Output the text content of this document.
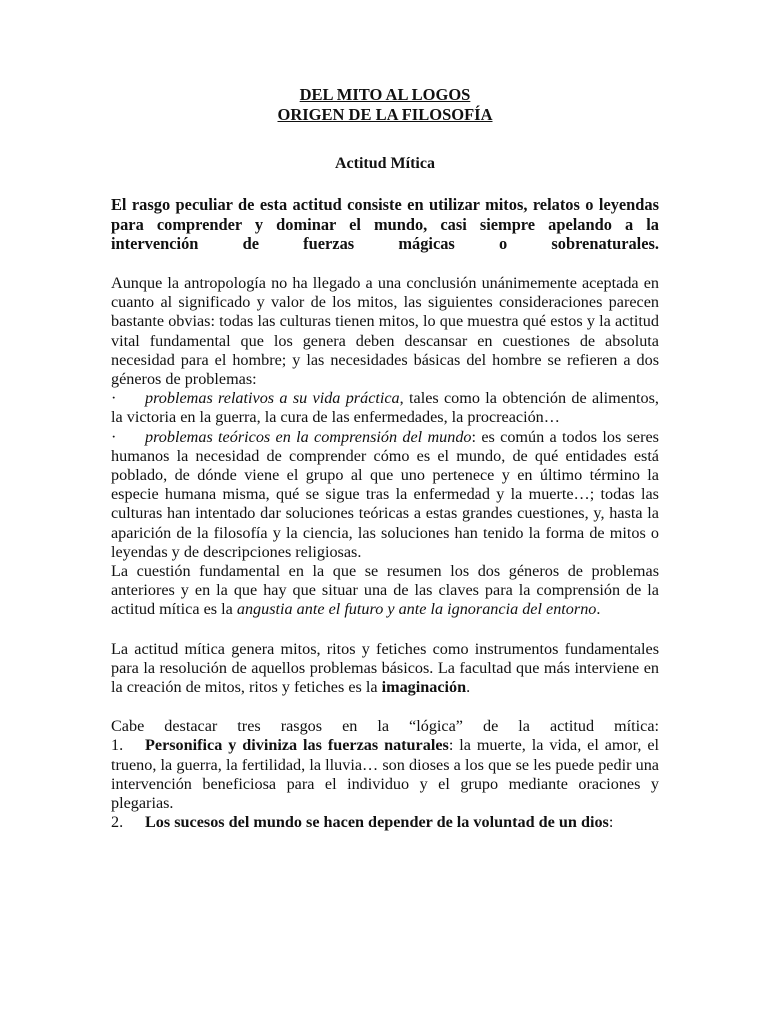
DEL MITO AL LOGOS
ORIGEN DE LA FILOSOFÍA
Actitud Mítica

El rasgo peculiar de esta actitud consiste en utilizar mitos, relatos o leyendas para comprender y dominar el mundo, casi siempre apelando a la intervención de fuerzas mágicas o sobrenaturales.

Aunque la antropología no ha llegado a una conclusión unánimemente aceptada en cuanto al significado y valor de los mitos, las siguientes consideraciones parecen bastante obvias: todas las culturas tienen mitos, lo que muestra qué estos y la actitud vital fundamental que los genera deben descansar en cuestiones de absoluta necesidad para el hombre; y las necesidades básicas del hombre se refieren a dos géneros de problemas:

· problemas relativos a su vida práctica, tales como la obtención de alimentos, la victoria en la guerra, la cura de las enfermedades, la procreación…

· problemas teóricos en la comprensión del mundo: es común a todos los seres humanos la necesidad de comprender cómo es el mundo, de qué entidades está poblado, de dónde viene el grupo al que uno pertenece y en último término la especie humana misma, qué se sigue tras la enfermedad y la muerte…; todas las culturas han intentado dar soluciones teóricas a estas grandes cuestiones, y, hasta la aparición de la filosofía y la ciencia, las soluciones han tenido la forma de mitos o leyendas y de descripciones religiosas.

La cuestión fundamental en la que se resumen los dos géneros de problemas anteriores y en la que hay que situar una de las claves para la comprensión de la actitud mítica es la angustia ante el futuro y ante la ignorancia del entorno.

La actitud mítica genera mitos, ritos y fetiches como instrumentos fundamentales para la resolución de aquellos problemas básicos. La facultad que más interviene en la creación de mitos, ritos y fetiches es la imaginación.

Cabe destacar tres rasgos en la “lógica” de la actitud mítica:

1. Personifica y diviniza las fuerzas naturales: la muerte, la vida, el amor, el trueno, la guerra, la fertilidad, la lluvia… son dioses a los que se les puede pedir una intervención beneficiosa para el individuo y el grupo mediante oraciones y plegarias.

2. Los sucesos del mundo se hacen depender de la voluntad de un dios:
